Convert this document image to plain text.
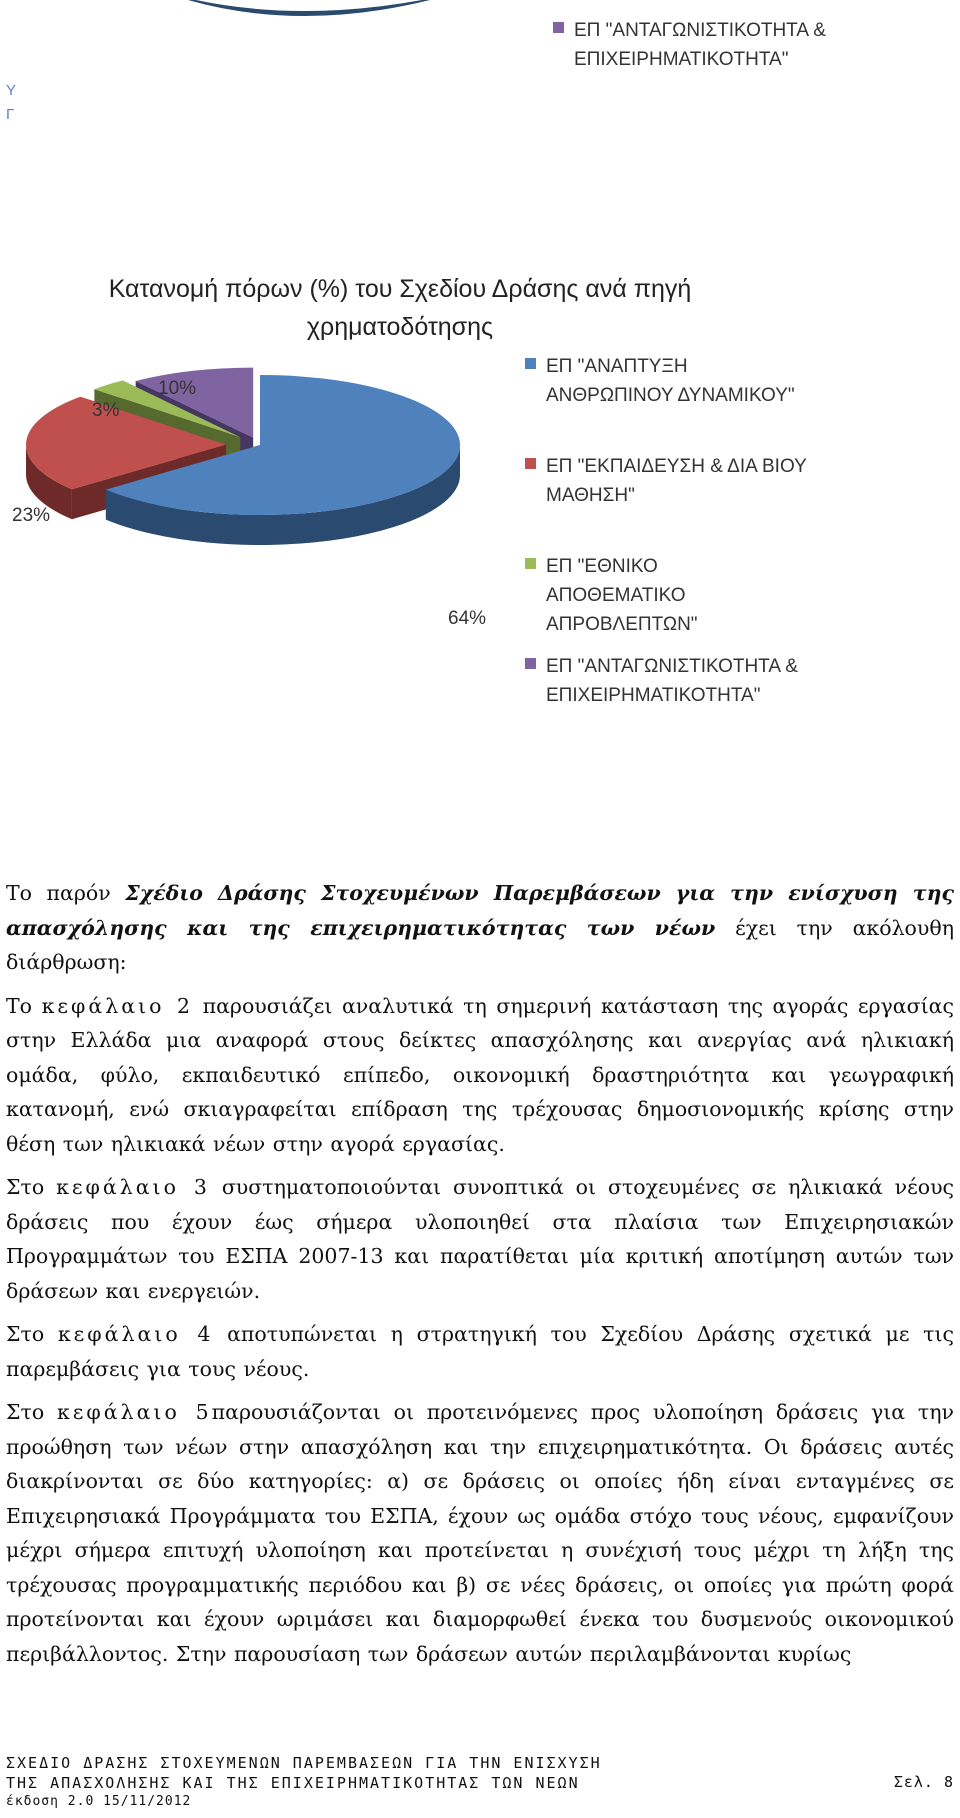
ΕΠ "ΑΝΤΑΓΩΝΙΣΤΙΚΟΤΗΤΑ &
ΕΠΙΧΕΙΡΗΜΑΤΙΚΟΤΗΤΑ"
Υ
Γ
Κατανομή πόρων (%) του Σχεδίου Δράσης ανά πηγή
χρηματοδότησης
64%
23%
3%
10%
ΕΠ "ΑΝΑΠΤΥΞΗ
ΑΝΘΡΩΠΙΝΟΥ ΔΥΝΑΜΙΚΟΥ"
ΕΠ "ΕΚΠΑΙΔΕΥΣΗ & ΔΙΑ ΒΙΟΥ
ΜΑΘΗΣΗ"
ΕΠ "ΕΘΝΙΚΟ
ΑΠΟΘΕΜΑΤΙΚΟ
ΑΠΡΟΒΛΕΠΤΩΝ"
ΕΠ "ΑΝΤΑΓΩΝΙΣΤΙΚΟΤΗΤΑ &
ΕΠΙΧΕΙΡΗΜΑΤΙΚΟΤΗΤΑ"

Το παρόν Σχέδιο Δράσης Στοχευμένων Παρεμβάσεων για την ενίσχυση της απασχόλησης και της επιχειρηματικότητας των νέων έχει την ακόλουθη διάρθρωση:

Το κεφάλαιο 2 παρουσιάζει αναλυτικά τη σημερινή κατάσταση της αγοράς εργασίας στην Ελλάδα μια αναφορά στους δείκτες απασχόλησης και ανεργίας ανά ηλικιακή ομάδα, φύλο, εκπαιδευτικό επίπεδο, οικονομική δραστηριότητα και γεωγραφική κατανομή, ενώ σκιαγραφείται επίδραση της τρέχουσας δημοσιονομικής κρίσης στην θέση των ηλικιακά νέων στην αγορά εργασίας.

Στο κεφάλαιο 3 συστηματοποιούνται συνοπτικά οι στοχευμένες σε ηλικιακά νέους δράσεις που έχουν έως σήμερα υλοποιηθεί στα πλαίσια των Επιχειρησιακών Προγραμμάτων του ΕΣΠΑ 2007-13 και παρατίθεται μία κριτική αποτίμηση αυτών των δράσεων και ενεργειών.

Στο κεφάλαιο 4 αποτυπώνεται η στρατηγική του Σχεδίου Δράσης σχετικά με τις παρεμβάσεις για τους νέους.

Στο κεφάλαιο 5παρουσιάζονται οι προτεινόμενες προς υλοποίηση δράσεις για την προώθηση των νέων στην απασχόληση και την επιχειρηματικότητα. Οι δράσεις αυτές διακρίνονται σε δύο κατηγορίες: α) σε δράσεις οι οποίες ήδη είναι ενταγμένες σε Επιχειρησιακά Προγράμματα του ΕΣΠΑ, έχουν ως ομάδα στόχο τους νέους, εμφανίζουν μέχρι σήμερα επιτυχή υλοποίηση και προτείνεται η συνέχισή τους μέχρι τη λήξη της τρέχουσας προγραμματικής περιόδου και β) σε νέες δράσεις, οι οποίες για πρώτη φορά προτείνονται και έχουν ωριμάσει και διαμορφωθεί ένεκα του δυσμενούς οικονομικού περιβάλλοντος. Στην παρουσίαση των δράσεων αυτών περιλαμβάνονται κυρίως

ΣΧΕΔΙΟ ΔΡΑΣΗΣ ΣΤΟΧΕΥΜΕΝΩΝ ΠΑΡΕΜΒΑΣΕΩΝ ΓΙΑ ΤΗΝ ΕΝΙΣΧΥΣΗ
ΤΗΣ ΑΠΑΣΧΟΛΗΣΗΣ ΚΑΙ ΤΗΣ ΕΠΙΧΕΙΡΗΜΑΤΙΚΟΤΗΤΑΣ ΤΩΝ ΝΕΩΝ
έκδοση 2.0 15/11/2012
Σελ. 8
